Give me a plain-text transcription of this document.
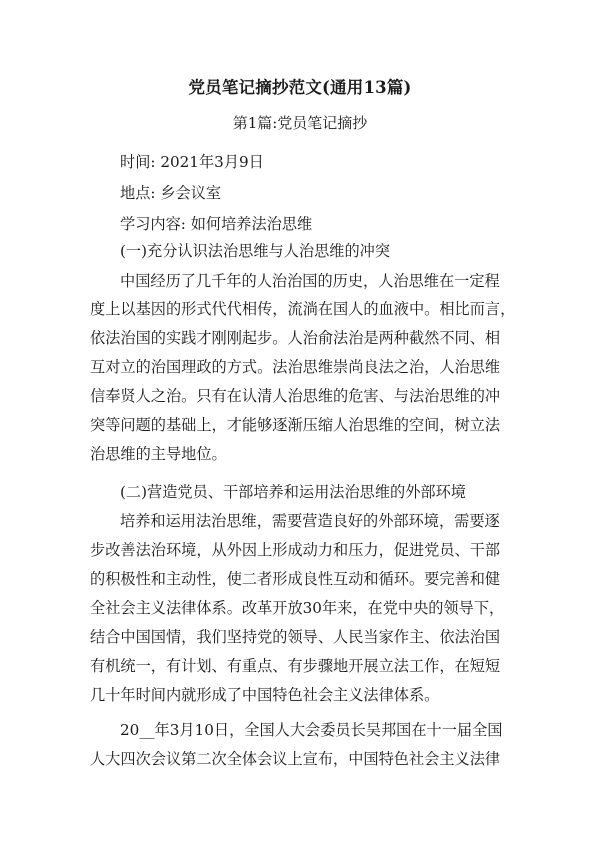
党员笔记摘抄范文(通用13篇)
第1篇:党员笔记摘抄
时间: 2021年3月9日
地点: 乡会议室
学习内容: 如何培养法治思维
(一)充分认识法治思维与人治思维的冲突
中国经历了几千年的人治治国的历史，人治思维在一定程
度上以基因的形式代代相传，流淌在国人的血液中。相比而言，
依法治国的实践才刚刚起步。人治俞法治是两种截然不同、相
互对立的治国理政的方式。法治思维崇尚良法之治，人治思维
信奉贤人之治。只有在认清人治思维的危害、与法治思维的冲
突等问题的基础上，才能够逐渐压缩人治思维的空间，树立法
治思维的主导地位。
(二)营造党员、干部培养和运用法治思维的外部环境
培养和运用法治思维，需要营造良好的外部环境，需要逐
步改善法治环境，从外因上形成动力和压力，促进党员、干部
的积极性和主动性，使二者形成良性互动和循环。要完善和健
全社会主义法律体系。改革开放30年来，在党中央的领导下，
结合中国国情，我们坚持党的领导、人民当家作主、依法治国
有机统一，有计划、有重点、有步骤地开展立法工作，在短短
几十年时间内就形成了中国特色社会主义法律体系。
20__年3月10日，全国人大会委员长吴邦国在十一届全国
人大四次会议第二次全体会议上宣布，中国特色社会主义法律
